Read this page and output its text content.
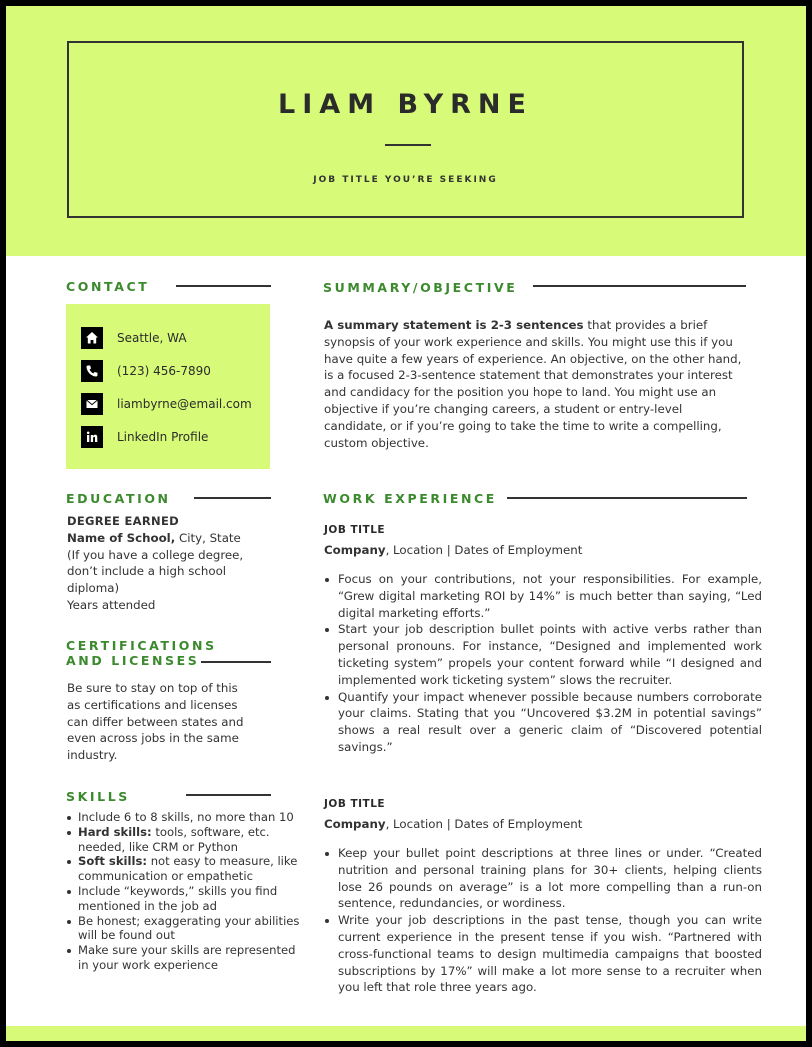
LIAM BYRNE
JOB TITLE YOU’RE SEEKING
CONTACT
Seattle, WA
(123) 456-7890
liambyrne@email.com
LinkedIn Profile
EDUCATION
DEGREE EARNED
Name of School, City, State
(If you have a college degree, don’t include a high school diploma)
Years attended
CERTIFICATIONS
AND LICENSES
Be sure to stay on top of this as certifications and licenses can differ between states and even across jobs in the same industry.
SKILLS
Include 6 to 8 skills, no more than 10
Hard skills: tools, software, etc. needed, like CRM or Python
Soft skills: not easy to measure, like communication or empathetic
Include “keywords,” skills you find mentioned in the job ad
Be honest; exaggerating your abilities will be found out
Make sure your skills are represented in your work experience
SUMMARY/OBJECTIVE
A summary statement is 2-3 sentences that provides a brief synopsis of your work experience and skills. You might use this if you have quite a few years of experience. An objective, on the other hand, is a focused 2-3-sentence statement that demonstrates your interest and candidacy for the position you hope to land. You might use an objective if you’re changing careers, a student or entry-level candidate, or if you’re going to take the time to write a compelling, custom objective.
WORK EXPERIENCE
JOB TITLE
Company, Location | Dates of Employment
Focus on your contributions, not your responsibilities. For example, “Grew digital marketing ROI by 14%” is much better than saying, “Led digital marketing efforts.”
Start your job description bullet points with active verbs rather than personal pronouns. For instance, “Designed and implemented work ticketing system” propels your content forward while “I designed and implemented work ticketing system” slows the recruiter.
Quantify your impact whenever possible because numbers corroborate your claims. Stating that you “Uncovered $3.2M in potential savings” shows a real result over a generic claim of “Discovered potential savings.”
JOB TITLE
Company, Location | Dates of Employment
Keep your bullet point descriptions at three lines or under. “Created nutrition and personal training plans for 30+ clients, helping clients lose 26 pounds on average” is a lot more compelling than a run-on sentence, redundancies, or wordiness.
Write your job descriptions in the past tense, though you can write current experience in the present tense if you wish. “Partnered with cross-functional teams to design multimedia campaigns that boosted subscriptions by 17%” will make a lot more sense to a recruiter when you left that role three years ago.
